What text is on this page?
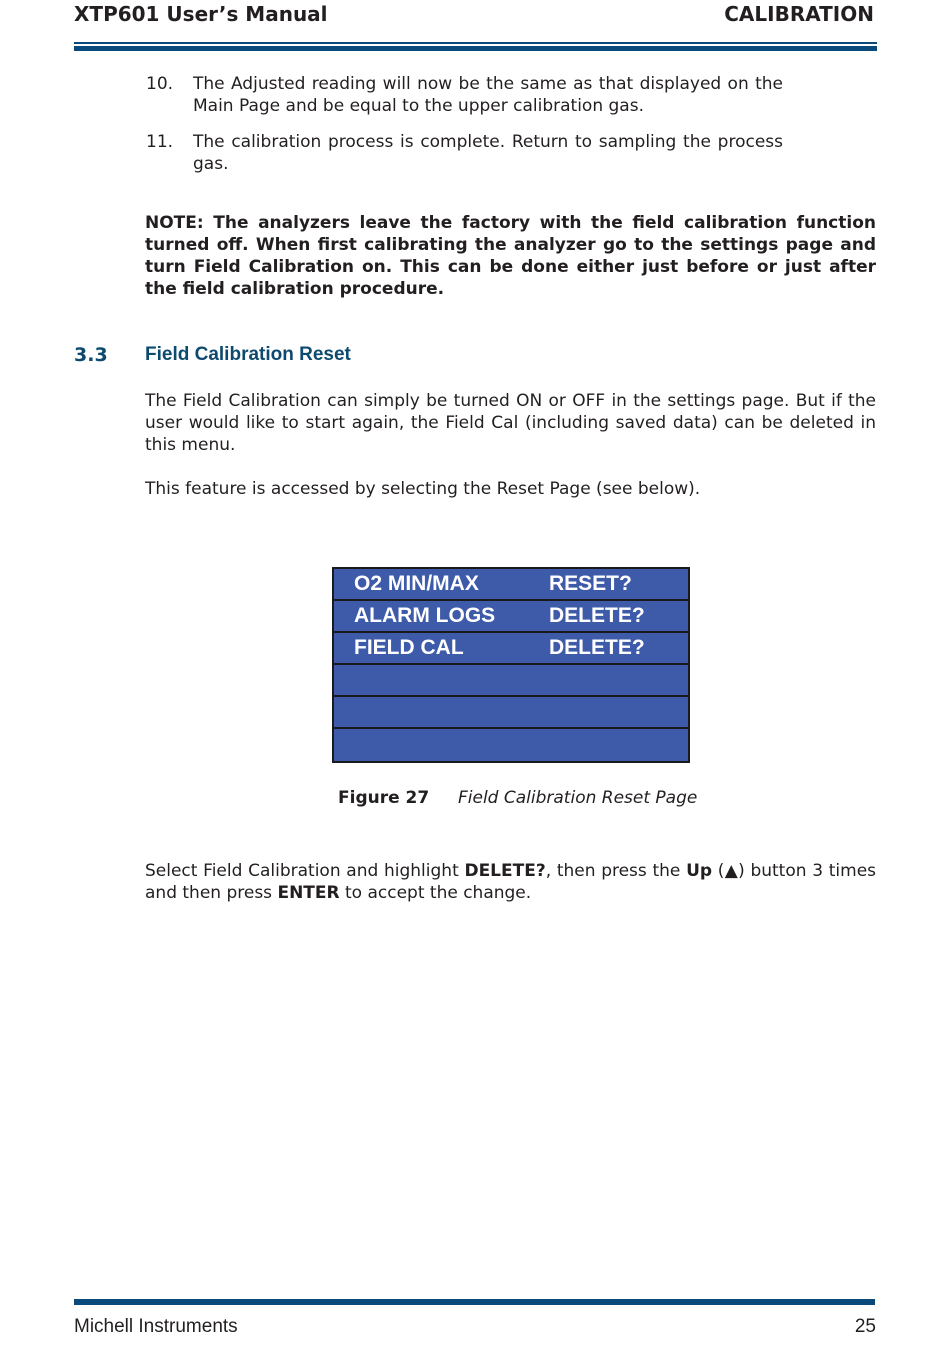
XTP601 User’s Manual	CALIBRATION
10. The Adjusted reading will now be the same as that displayed on the Main Page and be equal to the upper calibration gas.
11. The calibration process is complete. Return to sampling the process gas.
NOTE: The analyzers leave the factory with the field calibration function turned off. When first calibrating the analyzer go to the settings page and turn Field Calibration on. This can be done either just before or just after the field calibration procedure.
3.3 Field Calibration Reset
The Field Calibration can simply be turned ON or OFF in the settings page. But if the user would like to start again, the Field Cal (including saved data) can be deleted in this menu.
This feature is accessed by selecting the Reset Page (see below).
O2 MIN/MAX	RESET?
ALARM LOGS	DELETE?
FIELD CAL	DELETE?
Figure 27 Field Calibration Reset Page
Select Field Calibration and highlight DELETE?, then press the Up (▲) button 3 times and then press ENTER to accept the change.
Michell Instruments	25
